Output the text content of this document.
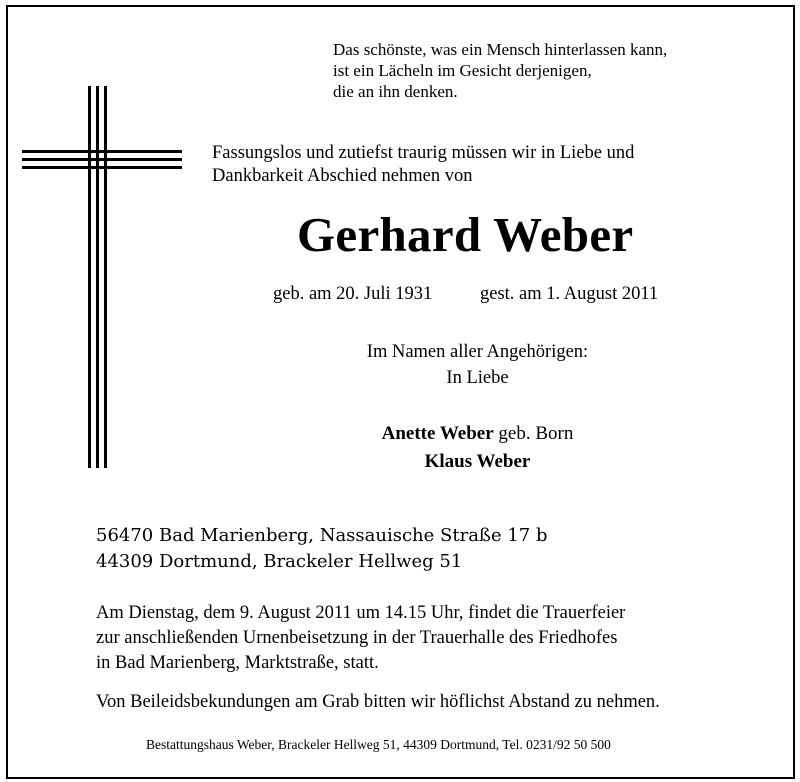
Das schönste, was ein Mensch hinterlassen kann,
ist ein Lächeln im Gesicht derjenigen,
die an ihn denken.
Fassungslos und zutiefst traurig müssen wir in Liebe und
Dankbarkeit Abschied nehmen von
Gerhard Weber
geb. am 20. Juli 1931	gest. am 1. August 2011
Im Namen aller Angehörigen:
In Liebe
Anette Weber geb. Born
Klaus Weber
56470 Bad Marienberg, Nassauische Straße 17 b
44309 Dortmund, Brackeler Hellweg 51
Am Dienstag, dem 9. August 2011 um 14.15 Uhr, findet die Trauerfeier
zur anschließenden Urnenbeisetzung in der Trauerhalle des Friedhofes
in Bad Marienberg, Marktstraße, statt.
Von Beileidsbekundungen am Grab bitten wir höflichst Abstand zu nehmen.
Bestattungshaus Weber, Brackeler Hellweg 51, 44309 Dortmund, Tel. 0231/92 50 500
